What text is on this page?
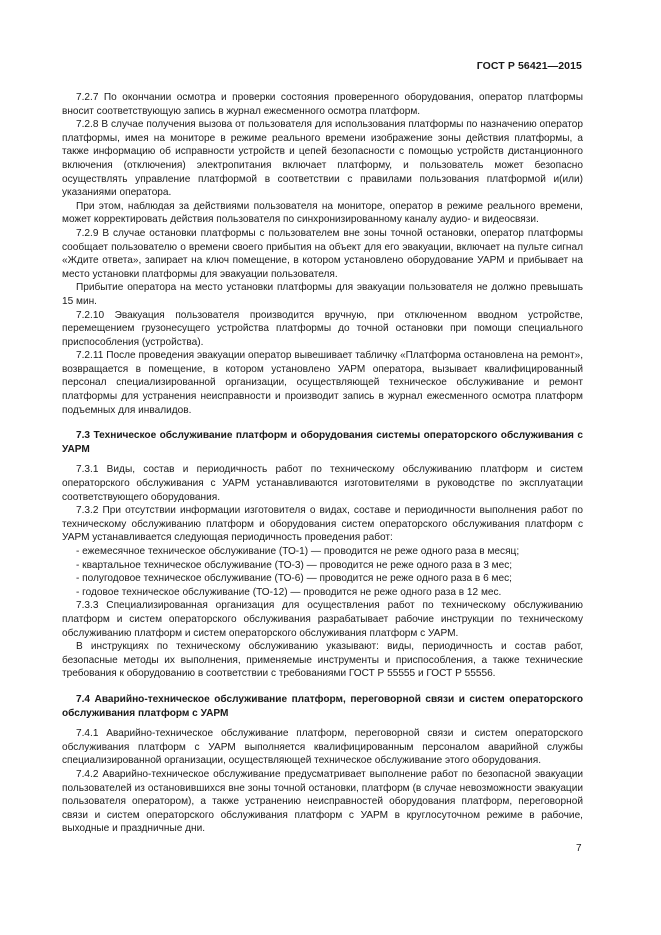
ГОСТ Р 56421—2015

7.2.7 По окончании осмотра и проверки состояния проверенного оборудования, оператор платформы вносит соответствующую запись в журнал ежесменного осмотра платформ.

7.2.8 В случае получения вызова от пользователя для использования платформы по назначению оператор платформы, имея на мониторе в режиме реального времени изображение зоны действия платформы, а также информацию об исправности устройств и цепей безопасности с помощью устройств дистанционного включения (отключения) электропитания включает платформу, и пользователь может безопасно осуществлять управление платформой в соответствии с правилами пользования платформой и(или) указаниями оператора.

При этом, наблюдая за действиями пользователя на мониторе, оператор в режиме реального времени, может корректировать действия пользователя по синхронизированному каналу аудио- и видеосвязи.

7.2.9 В случае остановки платформы с пользователем вне зоны точной остановки, оператор платформы сообщает пользователю о времени своего прибытия на объект для его эвакуации, включает на пульте сигнал «Ждите ответа», запирает на ключ помещение, в котором установлено оборудование УАРМ и прибывает на место установки платформы для эвакуации пользователя.

Прибытие оператора на место установки платформы для эвакуации пользователя не должно превышать 15 мин.

7.2.10 Эвакуация пользователя производится вручную, при отключенном вводном устройстве, перемещением грузонесущего устройства платформы до точной остановки при помощи специального приспособления (устройства).

7.2.11 После проведения эвакуации оператор вывешивает табличку «Платформа остановлена на ремонт», возвращается в помещение, в котором установлено УАРМ оператора, вызывает квалифицированный персонал специализированной организации, осуществляющей техническое обслуживание и ремонт платформы для устранения неисправности и производит запись в журнал ежесменного осмотра платформ подъемных для инвалидов.

7.3 Техническое обслуживание платформ и оборудования системы операторского обслуживания с УАРМ

7.3.1 Виды, состав и периодичность работ по техническому обслуживанию платформ и систем операторского обслуживания с УАРМ устанавливаются изготовителями в руководстве по эксплуатации соответствующего оборудования.

7.3.2 При отсутствии информации изготовителя о видах, составе и периодичности выполнения работ по техническому обслуживанию платформ и оборудования систем операторского обслуживания платформ с УАРМ устанавливается следующая периодичность проведения работ:

- ежемесячное техническое обслуживание (ТО-1) — проводится не реже одного раза в месяц;

- квартальное техническое обслуживание (ТО-3) — проводится не реже одного раза в 3 мес;

- полугодовое техническое обслуживание (ТО-6) — проводится не реже одного раза в 6 мес;

- годовое техническое обслуживание (ТО-12) — проводится не реже одного раза в 12 мес.

7.3.3 Специализированная организация для осуществления работ по техническому обслуживанию платформ и систем операторского обслуживания разрабатывает рабочие инструкции по техническому обслуживанию платформ и систем операторского обслуживания платформ с УАРМ.

В инструкциях по техническому обслуживанию указывают: виды, периодичность и состав работ, безопасные методы их выполнения, применяемые инструменты и приспособления, а также технические требования к оборудованию в соответствии с требованиями ГОСТ Р 55555 и ГОСТ Р 55556.

7.4 Аварийно-техническое обслуживание платформ, переговорной связи и систем операторского обслуживания платформ с УАРМ

7.4.1 Аварийно-техническое обслуживание платформ, переговорной связи и систем операторского обслуживания платформ с УАРМ выполняется квалифицированным персоналом аварийной службы специализированной организации, осуществляющей техническое обслуживание этого оборудования.

7.4.2 Аварийно-техническое обслуживание предусматривает выполнение работ по безопасной эвакуации пользователей из остановившихся вне зоны точной остановки, платформ (в случае невозможности эвакуации пользователя оператором), а также устранению неисправностей оборудования платформ, переговорной связи и систем операторского обслуживания платформ с УАРМ в круглосуточном режиме в рабочие, выходные и праздничные дни.

7
